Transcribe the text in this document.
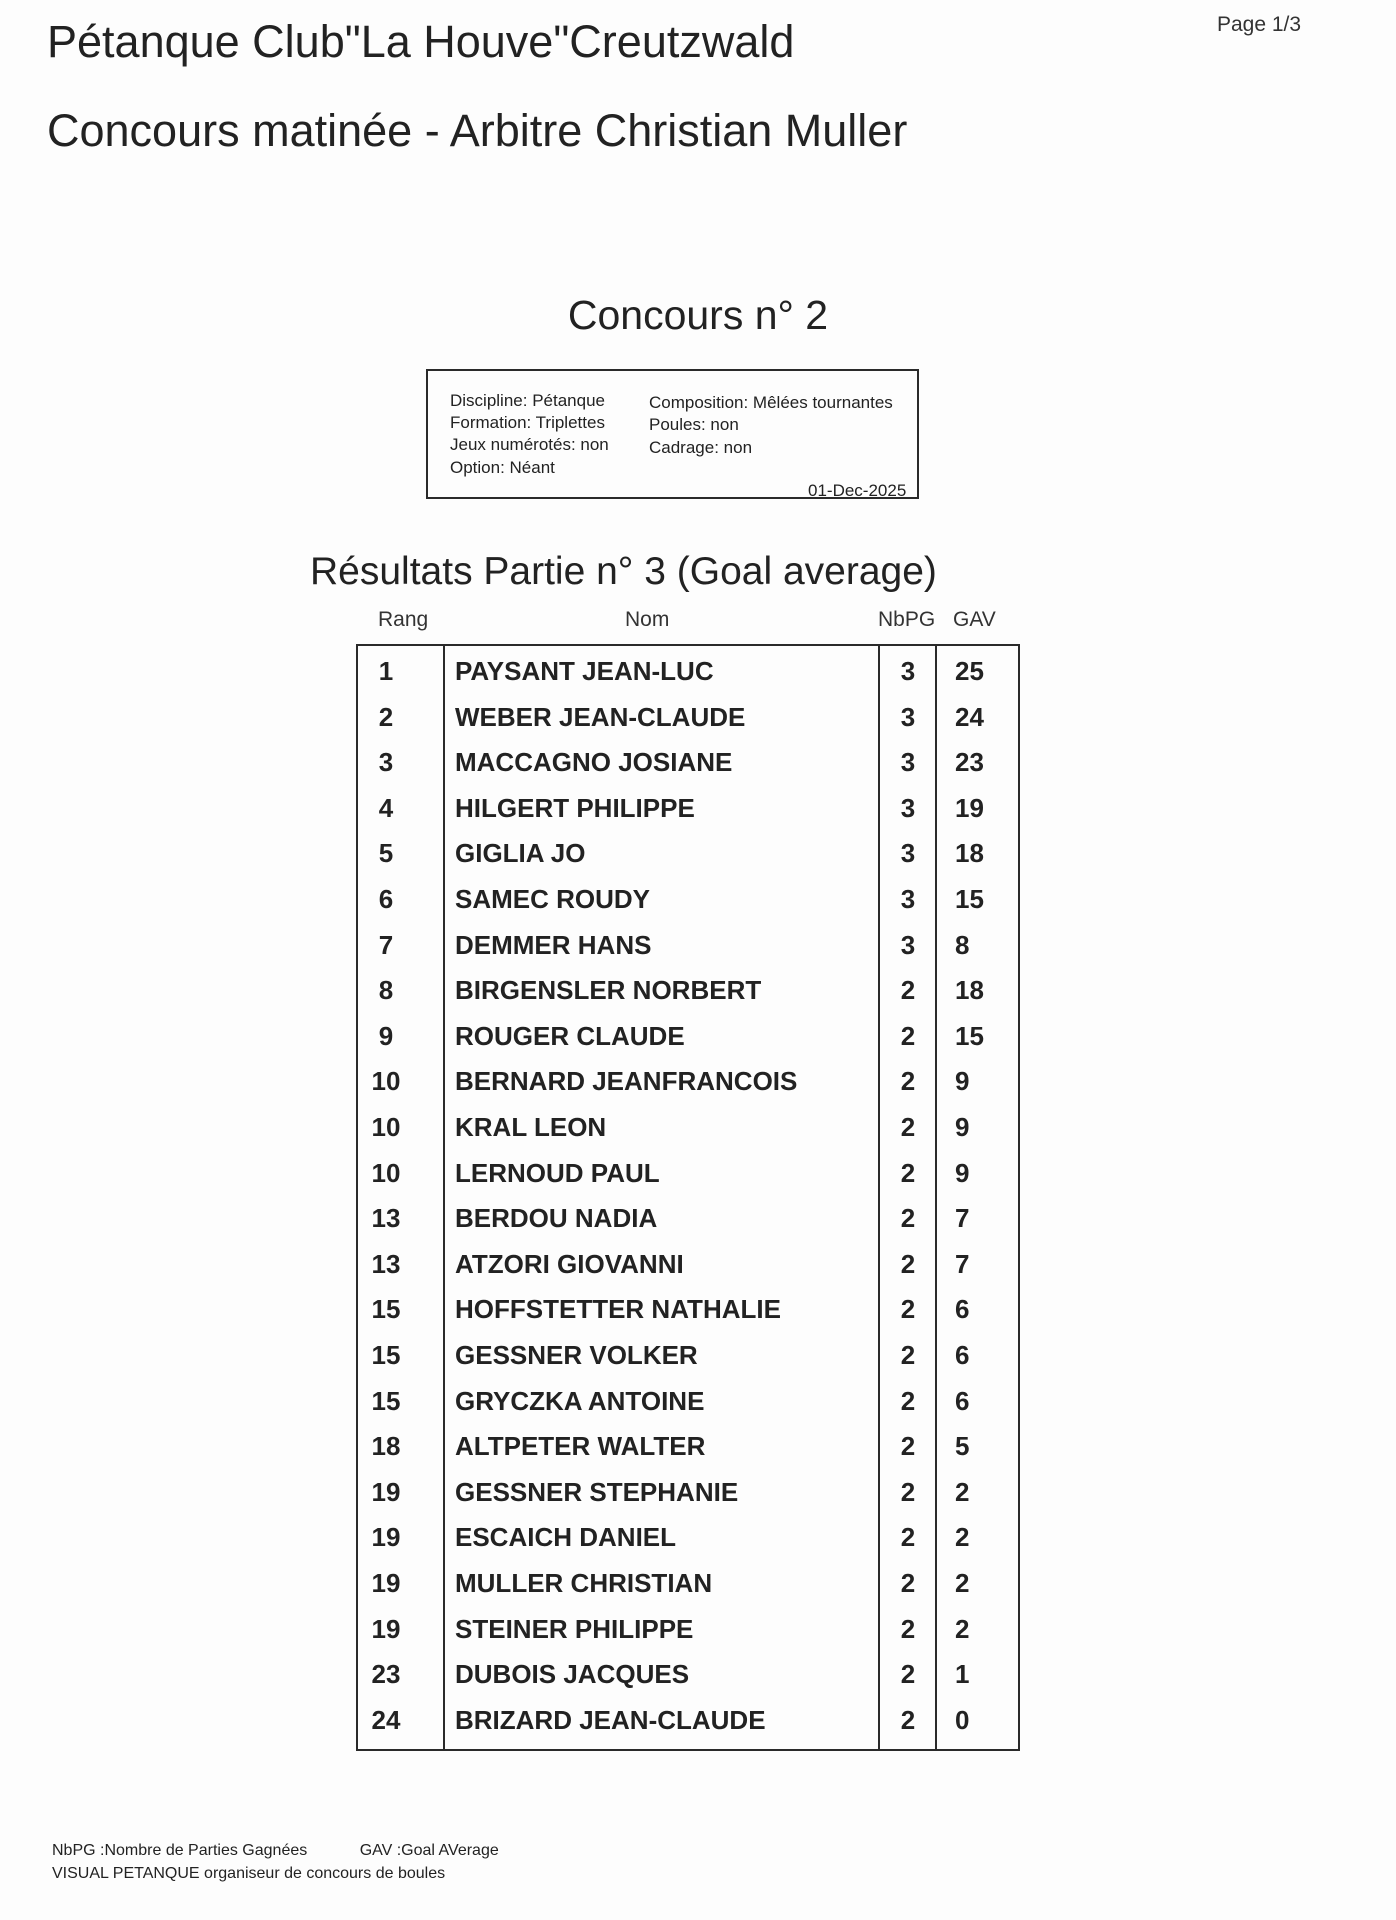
Pétanque Club"La Houve"Creutzwald	Page 1/3
Concours matinée - Arbitre Christian Muller
Concours n° 2
Discipline: Pétanque
Formation: Triplettes
Jeux numérotés: non
Option: Néant
Composition: Mêlées tournantes
Poules: non
Cadrage: non
01-Dec-2025
Résultats Partie n° 3 (Goal average)
Rang	Nom	NbPG GAV
1	PAYSANT JEAN-LUC	3	25
2	WEBER JEAN-CLAUDE	3	24
3	MACCAGNO JOSIANE	3	23
4	HILGERT PHILIPPE	3	19
5	GIGLIA JO	3	18
6	SAMEC ROUDY	3	15
7	DEMMER HANS	3	8
8	BIRGENSLER NORBERT	2	18
9	ROUGER CLAUDE	2	15
10	BERNARD JEANFRANCOIS	2	9
10	KRAL LEON	2	9
10	LERNOUD PAUL	2	9
13	BERDOU NADIA	2	7
13	ATZORI GIOVANNI	2	7
15	HOFFSTETTER NATHALIE	2	6
15	GESSNER VOLKER	2	6
15	GRYCZKA ANTOINE	2	6
18	ALTPETER WALTER	2	5
19	GESSNER STEPHANIE	2	2
19	ESCAICH DANIEL	2	2
19	MULLER CHRISTIAN	2	2
19	STEINER PHILIPPE	2	2
23	DUBOIS JACQUES	2	1
24	BRIZARD JEAN-CLAUDE	2	0
NbPG :Nombre de Parties Gagnées	GAV :Goal AVerage
VISUAL PETANQUE organiseur de concours de boules
